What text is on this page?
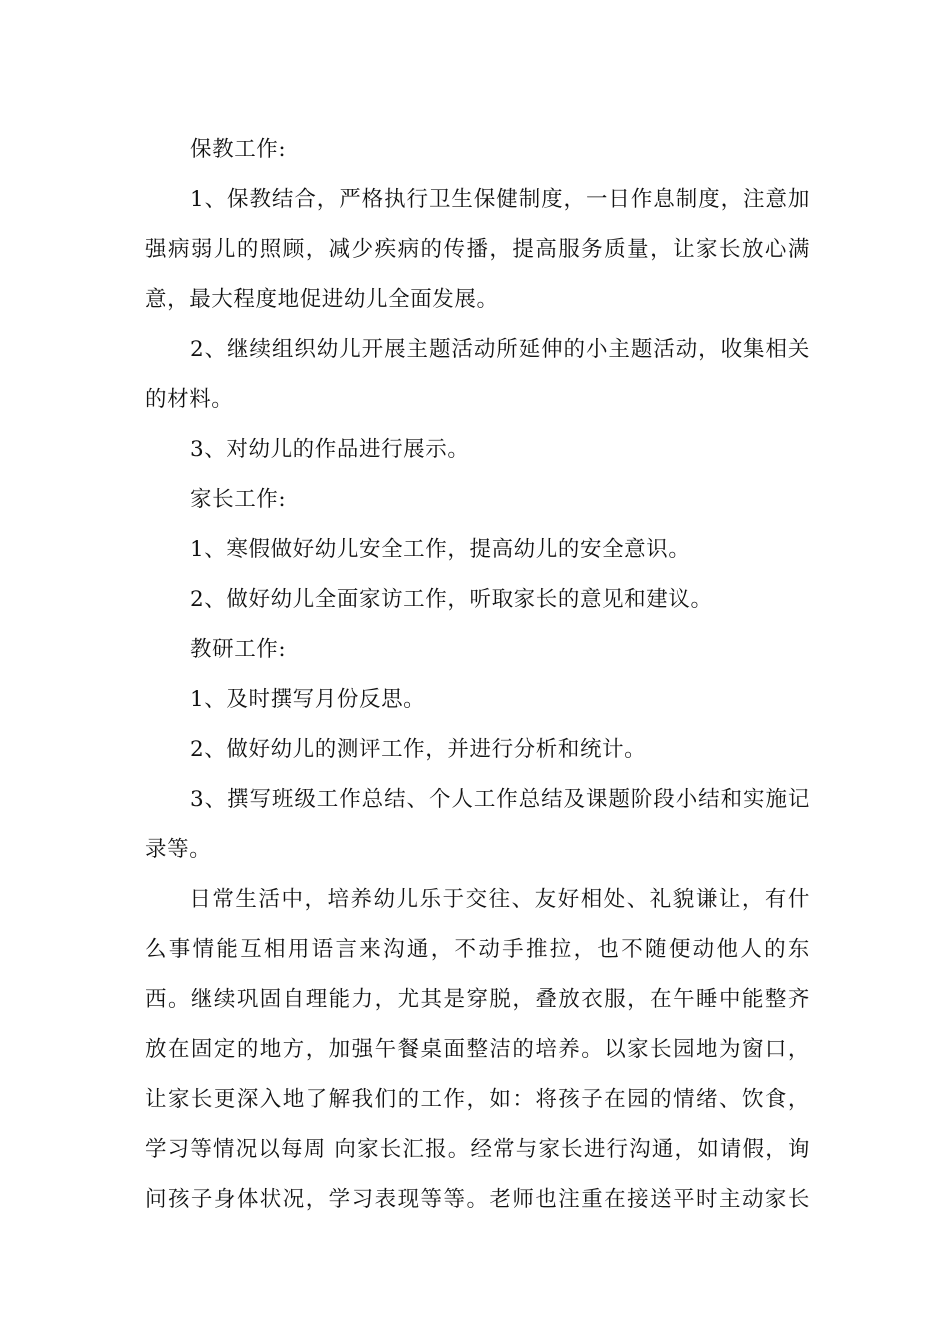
保教工作:
1、保教结合，严格执行卫生保健制度，一日作息制度，注意加
强病弱儿的照顾，减少疾病的传播，提高服务质量，让家长放心满
意，最大程度地促进幼儿全面发展。
2、继续组织幼儿开展主题活动所延伸的小主题活动，收集相关
的材料。
3、对幼儿的作品进行展示。
家长工作:
1、寒假做好幼儿安全工作，提高幼儿的安全意识。
2、做好幼儿全面家访工作，听取家长的意见和建议。
教研工作:
1、及时撰写月份反思。
2、做好幼儿的测评工作，并进行分析和统计。
3、撰写班级工作总结、个人工作总结及课题阶段小结和实施记
录等。
日常生活中，培养幼儿乐于交往、友好相处、礼貌谦让，有什
么事情能互相用语言来沟通，不动手推拉，也不随便动他人的东
西。继续巩固自理能力，尤其是穿脱，叠放衣服，在午睡中能整齐
放在固定的地方，加强午餐桌面整洁的培养。以家长园地为窗口，
让家长更深入地了解我们的工作，如：将孩子在园的情绪、饮食，
学习等情况以每周 向家长汇报。经常与家长进行沟通，如请假，询
问孩子身体状况，学习表现等等。老师也注重在接送平时主动家长
